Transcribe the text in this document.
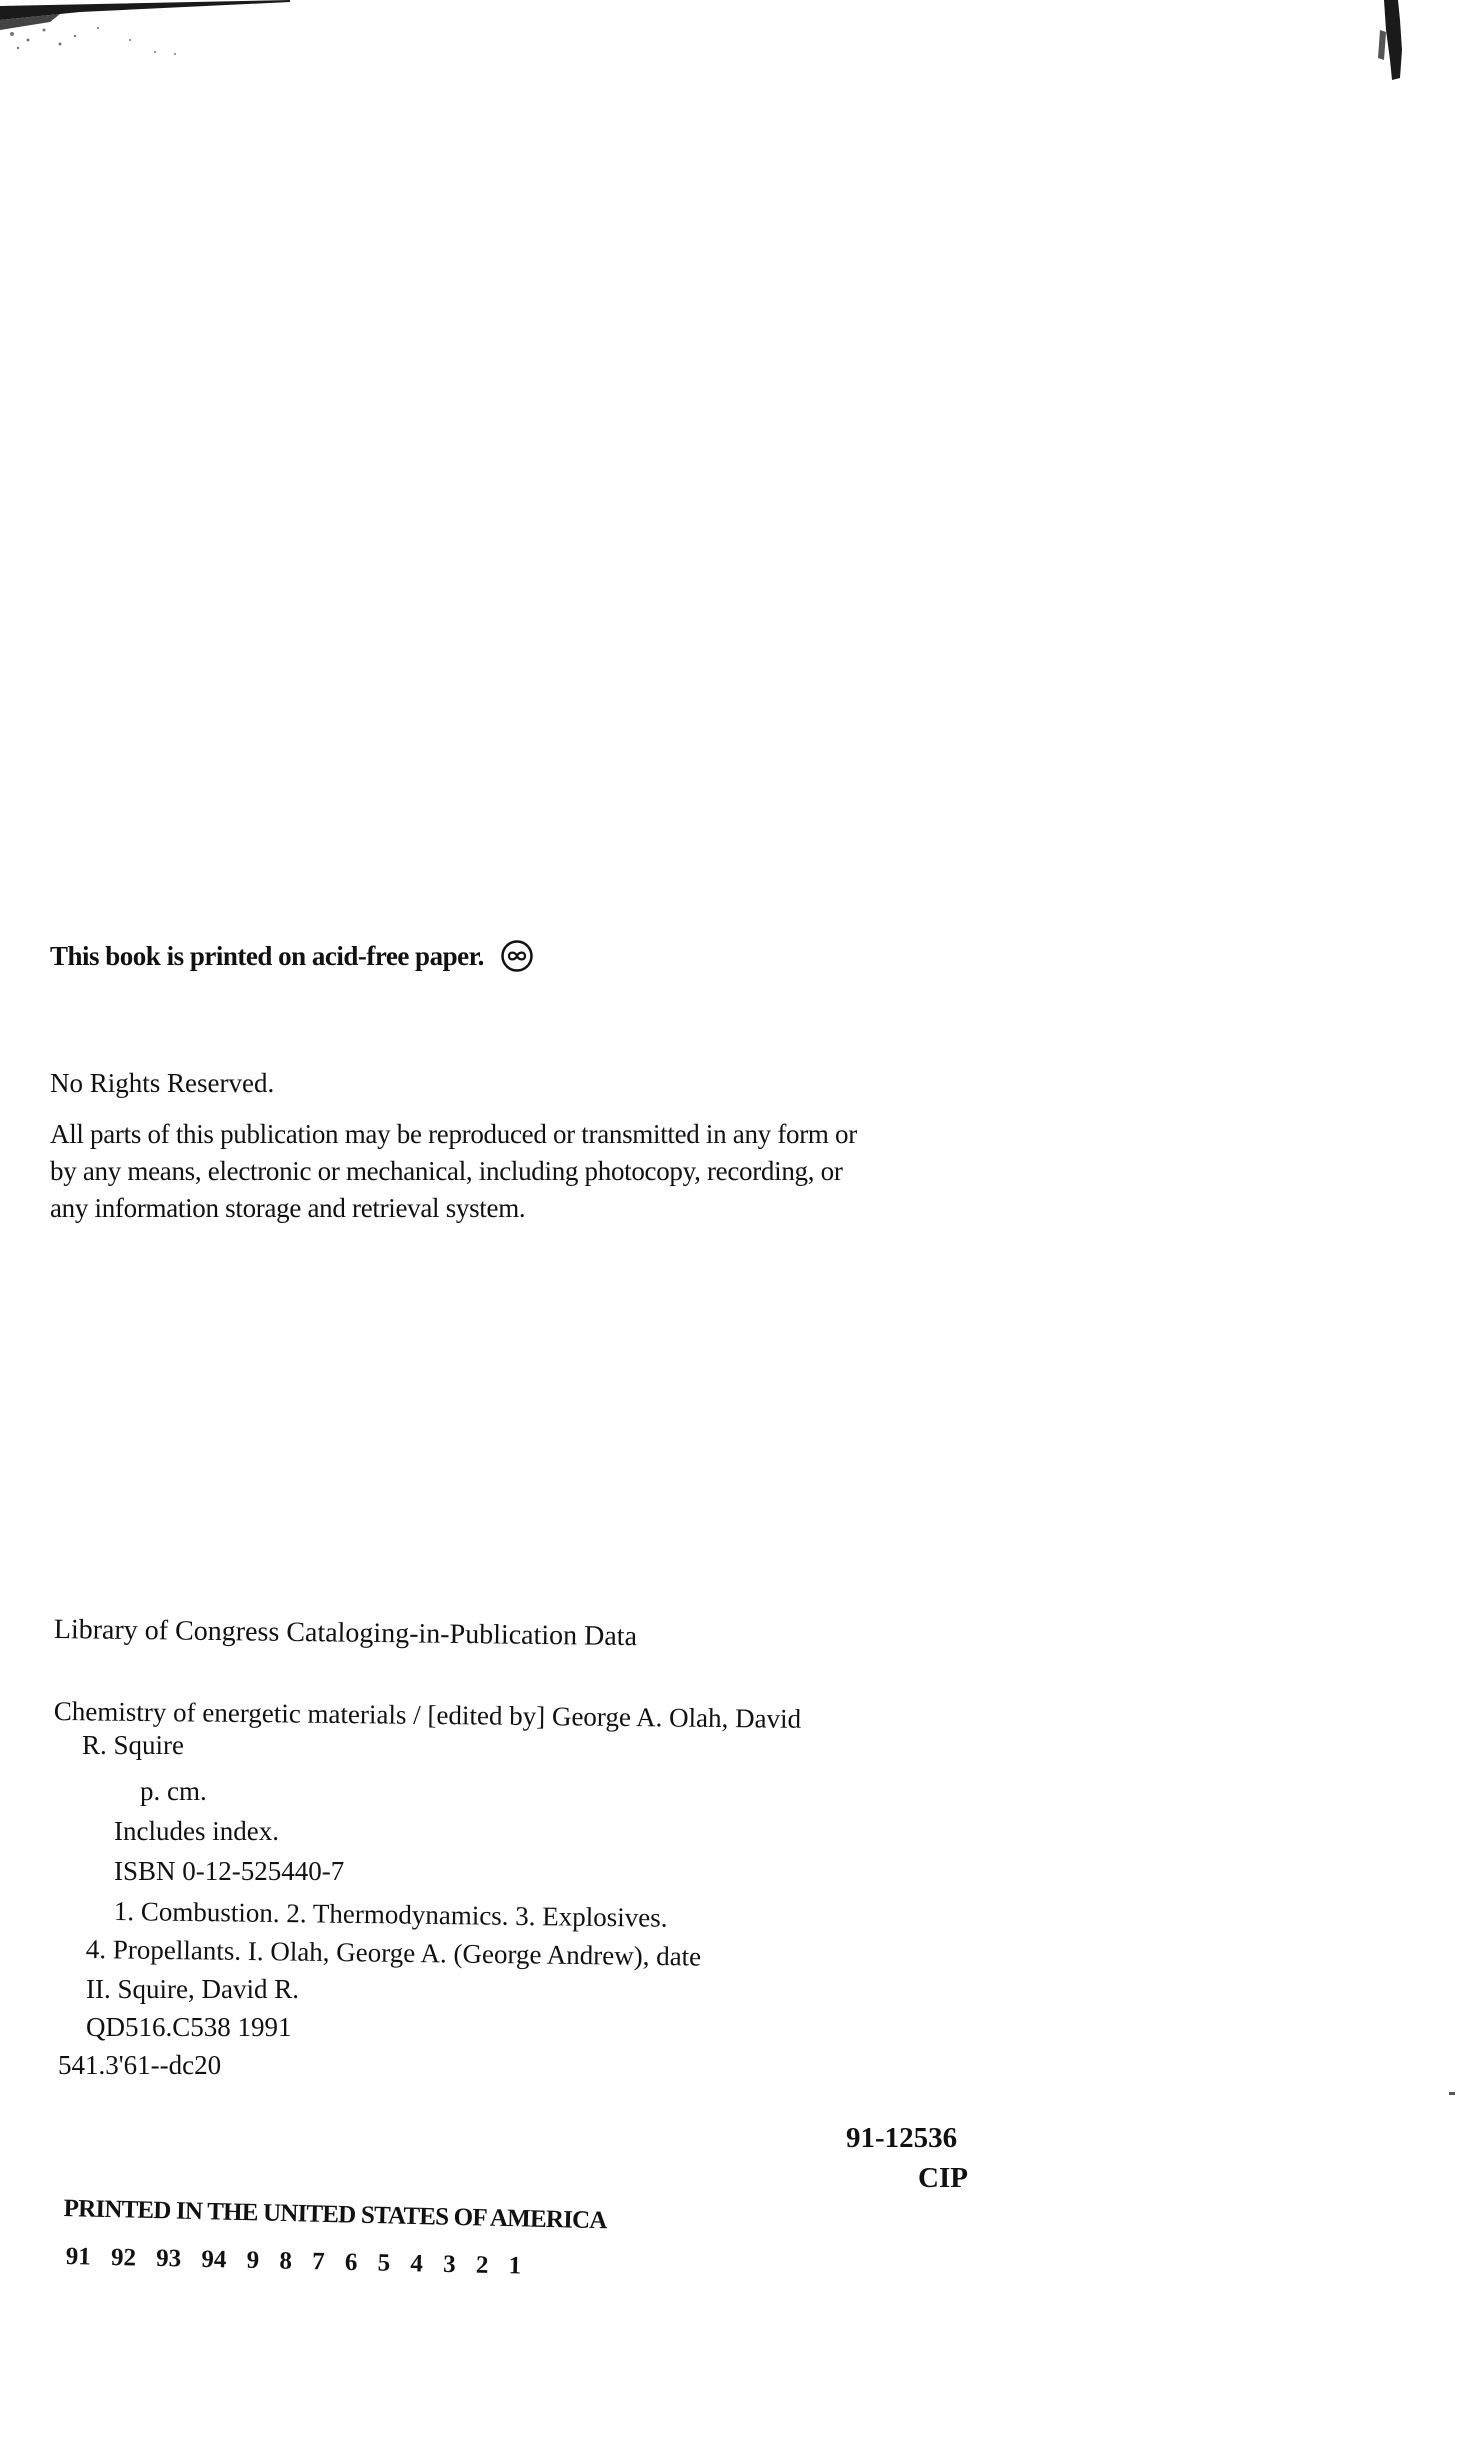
This book is printed on acid-free paper.
No Rights Reserved.
All parts of this publication may be reproduced or transmitted in any form or
by any means, electronic or mechanical, including photocopy, recording, or
any information storage and retrieval system.
Library of Congress Cataloging-in-Publication Data
Chemistry of energetic materials / [edited by] George A. Olah, David
R. Squire
p. cm.
Includes index.
ISBN 0-12-525440-7
1. Combustion. 2. Thermodynamics. 3. Explosives.
4. Propellants. I. Olah, George A. (George Andrew), date
II. Squire, David R.
QD516.C538 1991
541.3'61--dc20
91-12536
CIP
PRINTED IN THE UNITED STATES OF AMERICA
91 92 93 94 9 8 7 6 5 4 3 2 1
